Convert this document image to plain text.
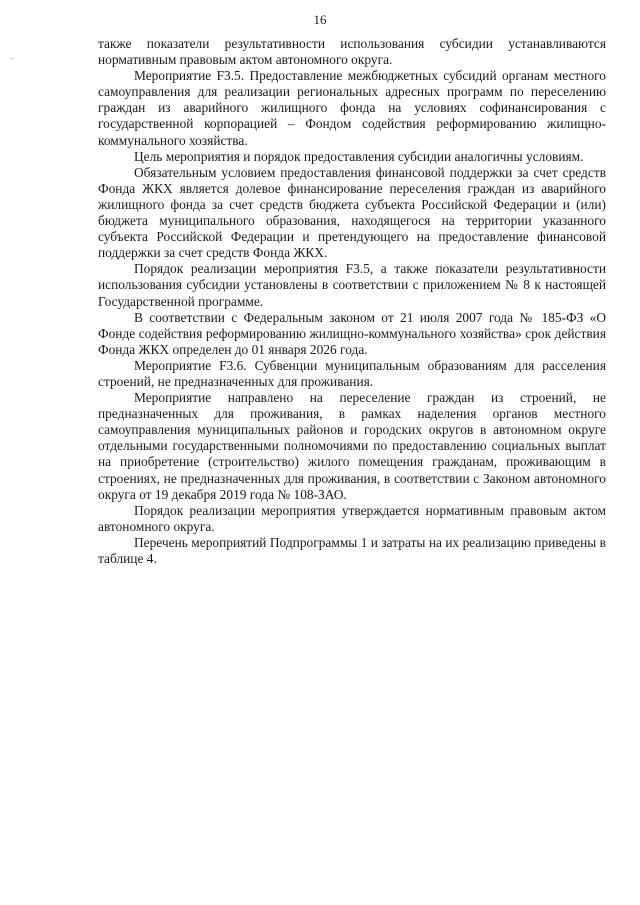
16

также показатели результативности использования субсидии устанавливаются нормативным правовым актом автономного округа.

Мероприятие F3.5. Предоставление межбюджетных субсидий органам местного самоуправления для реализации региональных адресных программ по переселению граждан из аварийного жилищного фонда на условиях софинансирования с государственной корпорацией – Фондом содействия реформированию жилищно-коммунального хозяйства.

Цель мероприятия и порядок предоставления субсидии аналогичны условиям.

Обязательным условием предоставления финансовой поддержки за счет средств Фонда ЖКХ является долевое финансирование переселения граждан из аварийного жилищного фонда за счет средств бюджета субъекта Российской Федерации и (или) бюджета муниципального образования, находящегося на территории указанного субъекта Российской Федерации и претендующего на предоставление финансовой поддержки за счет средств Фонда ЖКХ.

Порядок реализации мероприятия F3.5, а также показатели результативности использования субсидии установлены в соответствии с приложением № 8 к настоящей Государственной программе.

В соответствии с Федеральным законом от 21 июля 2007 года № 185-ФЗ «О Фонде содействия реформированию жилищно-коммунального хозяйства» срок действия Фонда ЖКХ определен до 01 января 2026 года.

Мероприятие F3.6. Субвенции муниципальным образованиям для расселения строений, не предназначенных для проживания.

Мероприятие направлено на переселение граждан из строений, не предназначенных для проживания, в рамках наделения органов местного самоуправления муниципальных районов и городских округов в автономном округе отдельными государственными полномочиями по предоставлению социальных выплат на приобретение (строительство) жилого помещения гражданам, проживающим в строениях, не предназначенных для проживания, в соответствии с Законом автономного округа от 19 декабря 2019 года № 108-ЗАО.

Порядок реализации мероприятия утверждается нормативным правовым актом автономного округа.

Перечень мероприятий Подпрограммы 1 и затраты на их реализацию приведены в таблице 4.
